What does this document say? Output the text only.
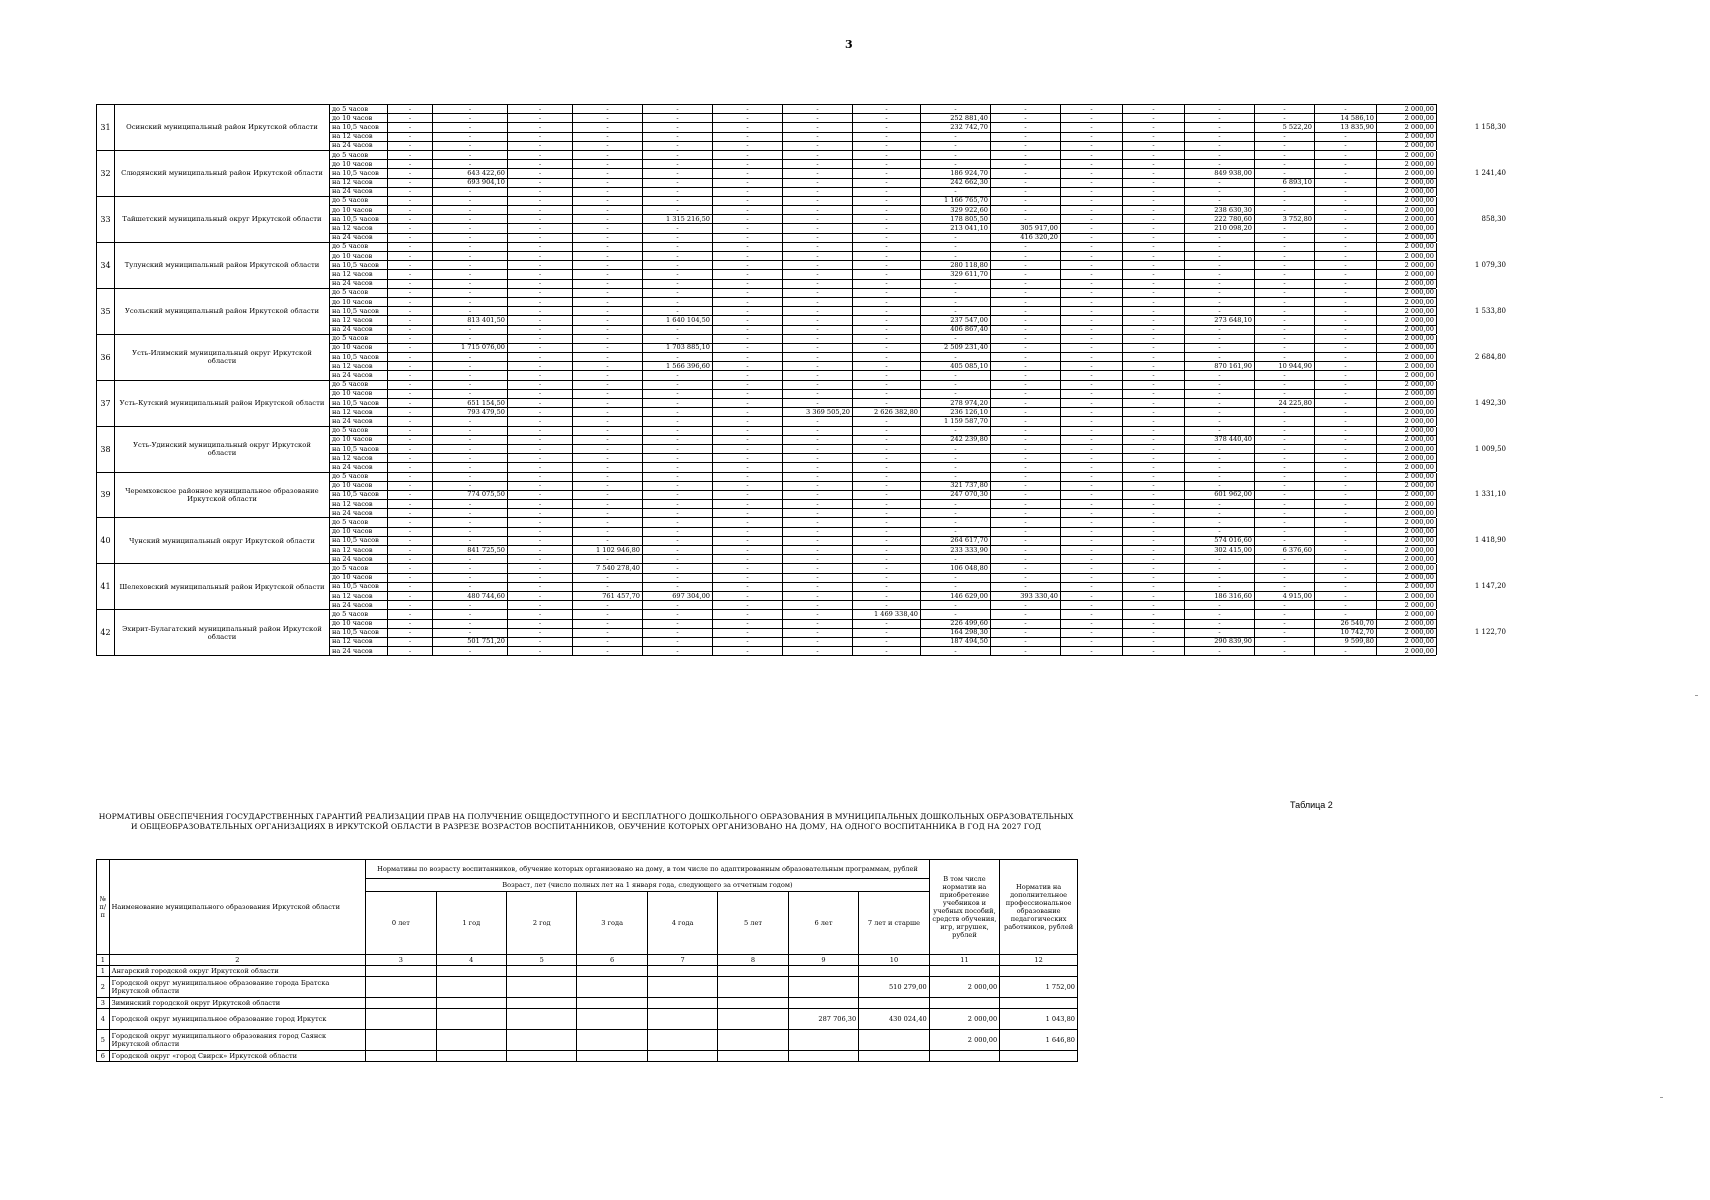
3
31	Осинский муниципальный район Иркутской области	до 5 часов	-	-	-	-	-	-	-	-	-	-	-	-	-	-	-	2 000,00	1 158,30
		до 10 часов	-	-	-	-	-	-	-	-	252 881,40	-	-	-	-	-	14 586,10	2 000,00	
		на 10,5 часов	-	-	-	-	-	-	-	-	232 742,70	-	-	-	-	5 522,20	13 835,90	2 000,00	
		на 12 часов	-	-	-	-	-	-	-	-	-	-	-	-	-	-	-	2 000,00	
		на 24 часов	-	-	-	-	-	-	-	-	-	-	-	-	-	-	-	2 000,00	
32	Слюдянский муниципальный район Иркутской области	до 5 часов	-	-	-	-	-	-	-	-	-	-	-	-	-	-	-	2 000,00	1 241,40
		до 10 часов	-	-	-	-	-	-	-	-	-	-	-	-	-	-	-	2 000,00	
		на 10,5 часов	-	643 422,60	-	-	-	-	-	-	186 924,70	-	-	-	849 938,00	-	-	2 000,00	
		на 12 часов	-	693 904,10	-	-	-	-	-	-	242 662,30	-	-	-	-	6 893,10	-	2 000,00	
		на 24 часов	-	-	-	-	-	-	-	-	-	-	-	-	-	-	-	2 000,00	
33	Тайшетский муниципальный округ Иркутской области	до 5 часов	-	-	-	-	-	-	-	-	1 166 765,70	-	-	-	-	-	-	2 000,00	858,30
		до 10 часов	-	-	-	-	-	-	-	-	329 922,60	-	-	-	238 630,30	-	-	2 000,00	
		на 10,5 часов	-	-	-	-	1 315 216,50	-	-	-	178 805,50	-	-	-	222 780,60	3 752,80	-	2 000,00	
		на 12 часов	-	-	-	-	-	-	-	-	213 041,10	305 917,00	-	-	210 098,20	-	-	2 000,00	
		на 24 часов	-	-	-	-	-	-	-	-	-	416 320,20	-	-	-	-	-	2 000,00	
34	Тулунский муниципальный район Иркутской области	до 5 часов	-	-	-	-	-	-	-	-	-	-	-	-	-	-	-	2 000,00	1 079,30
		до 10 часов	-	-	-	-	-	-	-	-	-	-	-	-	-	-	-	2 000,00	
		на 10,5 часов	-	-	-	-	-	-	-	-	280 118,80	-	-	-	-	-	-	2 000,00	
		на 12 часов	-	-	-	-	-	-	-	-	329 611,70	-	-	-	-	-	-	2 000,00	
		на 24 часов	-	-	-	-	-	-	-	-	-	-	-	-	-	-	-	2 000,00	
35	Усольский муниципальный район Иркутской области	до 5 часов	-	-	-	-	-	-	-	-	-	-	-	-	-	-	-	2 000,00	1 533,80
		до 10 часов	-	-	-	-	-	-	-	-	-	-	-	-	-	-	-	2 000,00	
		на 10,5 часов	-	-	-	-	-	-	-	-	-	-	-	-	-	-	-	2 000,00	
		на 12 часов	-	813 401,50	-	-	1 640 104,50	-	-	-	237 547,00	-	-	-	273 648,10	-	-	2 000,00	
		на 24 часов	-	-	-	-	-	-	-	-	406 867,40	-	-	-	-	-	-	2 000,00	
36	Усть-Илимский муниципальный округ Иркутской области	до 5 часов	-	-	-	-	-	-	-	-	-	-	-	-	-	-	-	2 000,00	2 684,80
		до 10 часов	-	1 715 076,00	-	-	1 703 885,10	-	-	-	2 509 231,40	-	-	-	-	-	-	2 000,00	
		на 10,5 часов	-	-	-	-	-	-	-	-	-	-	-	-	-	-	-	2 000,00	
		на 12 часов	-	-	-	-	1 566 396,60	-	-	-	405 085,10	-	-	-	870 161,90	10 944,90	-	2 000,00	
		на 24 часов	-	-	-	-	-	-	-	-	-	-	-	-	-	-	-	2 000,00	
37	Усть-Кутский муниципальный район Иркутской области	до 5 часов	-	-	-	-	-	-	-	-	-	-	-	-	-	-	-	2 000,00	1 492,30
		до 10 часов	-	-	-	-	-	-	-	-	-	-	-	-	-	-	-	2 000,00	
		на 10,5 часов	-	651 154,50	-	-	-	-	-	-	278 974,20	-	-	-	-	24 225,80	-	2 000,00	
		на 12 часов	-	793 479,50	-	-	-	-	3 369 505,20	2 626 382,80	236 126,10	-	-	-	-	-	-	2 000,00	
		на 24 часов	-	-	-	-	-	-	-	-	1 159 587,70	-	-	-	-	-	-	2 000,00	
38	Усть-Удинский муниципальный округ Иркутской области	до 5 часов	-	-	-	-	-	-	-	-	-	-	-	-	-	-	-	2 000,00	1 009,50
		до 10 часов	-	-	-	-	-	-	-	-	242 239,80	-	-	-	378 440,40	-	-	2 000,00	
		на 10,5 часов	-	-	-	-	-	-	-	-	-	-	-	-	-	-	-	2 000,00	
		на 12 часов	-	-	-	-	-	-	-	-	-	-	-	-	-	-	-	2 000,00	
		на 24 часов	-	-	-	-	-	-	-	-	-	-	-	-	-	-	-	2 000,00	
39	Черемховское районное муниципальное образование Иркутской области	до 5 часов	-	-	-	-	-	-	-	-	-	-	-	-	-	-	-	2 000,00	1 331,10
		до 10 часов	-	-	-	-	-	-	-	-	321 737,80	-	-	-	-	-	-	2 000,00	
		на 10,5 часов	-	774 075,50	-	-	-	-	-	-	247 070,30	-	-	-	601 962,00	-	-	2 000,00	
		на 12 часов	-	-	-	-	-	-	-	-	-	-	-	-	-	-	-	2 000,00	
		на 24 часов	-	-	-	-	-	-	-	-	-	-	-	-	-	-	-	2 000,00	
40	Чунский муниципальный округ Иркутской области	до 5 часов	-	-	-	-	-	-	-	-	-	-	-	-	-	-	-	2 000,00	1 418,90
		до 10 часов	-	-	-	-	-	-	-	-	-	-	-	-	-	-	-	2 000,00	
		на 10,5 часов	-	-	-	-	-	-	-	-	264 617,70	-	-	-	574 016,60	-	-	2 000,00	
		на 12 часов	-	841 725,50	-	1 102 946,80	-	-	-	-	233 333,90	-	-	-	302 415,00	6 376,60	-	2 000,00	
		на 24 часов	-	-	-	-	-	-	-	-	-	-	-	-	-	-	-	2 000,00	
41	Шелеховский муниципальный район Иркутской области	до 5 часов	-	-	-	7 540 278,40	-	-	-	-	106 048,80	-	-	-	-	-	-	2 000,00	1 147,20
		до 10 часов	-	-	-	-	-	-	-	-	-	-	-	-	-	-	-	2 000,00	
		на 10,5 часов	-	-	-	-	-	-	-	-	-	-	-	-	-	-	-	2 000,00	
		на 12 часов	-	480 744,60	-	761 457,70	697 304,00	-	-	-	146 629,00	393 330,40	-	-	186 316,60	4 915,00	-	2 000,00	
		на 24 часов	-	-	-	-	-	-	-	-	-	-	-	-	-	-	-	2 000,00	
42	Эхирит-Булагатский муниципальный район Иркутской области	до 5 часов	-	-	-	-	-	-	-	1 469 338,40	-	-	-	-	-	-	-	2 000,00	1 122,70
		до 10 часов	-	-	-	-	-	-	-	-	226 499,60	-	-	-	-	-	26 540,70	2 000,00	
		на 10,5 часов	-	-	-	-	-	-	-	-	164 298,30	-	-	-	-	-	10 742,70	2 000,00	
		на 12 часов	-	501 751,20	-	-	-	-	-	-	187 494,50	-	-	-	290 839,90	-	9 599,80	2 000,00	
		на 24 часов	-	-	-	-	-	-	-	-	-	-	-	-	-	-	-	2 000,00	
Таблица 2
НОРМАТИВЫ ОБЕСПЕЧЕНИЯ ГОСУДАРСТВЕННЫХ ГАРАНТИЙ РЕАЛИЗАЦИИ ПРАВ НА ПОЛУЧЕНИЕ ОБЩЕДОСТУПНОГО И БЕСПЛАТНОГО ДОШКОЛЬНОГО ОБРАЗОВАНИЯ В МУНИЦИПАЛЬНЫХ ДОШКОЛЬНЫХ ОБРАЗОВАТЕЛЬНЫХ И ОБЩЕОБРАЗОВАТЕЛЬНЫХ ОРГАНИЗАЦИЯХ В ИРКУТСКОЙ ОБЛАСТИ В РАЗРЕЗЕ ВОЗРАСТОВ ВОСПИТАННИКОВ, ОБУЧЕНИЕ КОТОРЫХ ОРГАНИЗОВАНО НА ДОМУ, НА ОДНОГО ВОСПИТАННИКА В ГОД НА 2027 ГОД
№ п/п	Наименование муниципального образования Иркутской области	Нормативы по возрасту воспитанников, обучение которых организовано на дому, в том числе по адаптированным образовательным программам, рублей								В том числе норматив на приобретение учебников и учебных пособий, средств обучения, игр, игрушек, рублей	Норматив на дополнительное профессиональное образование педагогических работников, рублей
		Возраст, лет (число полных лет на 1 января года, следующего за отчетным годом)									
		0 лет	1 год	2 год	3 года	4 года	5 лет	6 лет	7 лет и старше		
1	2	3	4	5	6	7	8	9	10	11	12
1	Ангарский городской округ Иркутской области										
2	Городской округ муниципальное образование города Братска Иркутской области								510 279,00	2 000,00	1 752,00
3	Зиминский городской округ Иркутской области										
4	Городской округ муниципальное образование город Иркутск							287 706,30	430 024,40	2 000,00	1 043,80
5	Городской округ муниципального образования город Саянск Иркутской области									2 000,00	1 646,80
6	Городской округ «город Свирск» Иркутской области										
